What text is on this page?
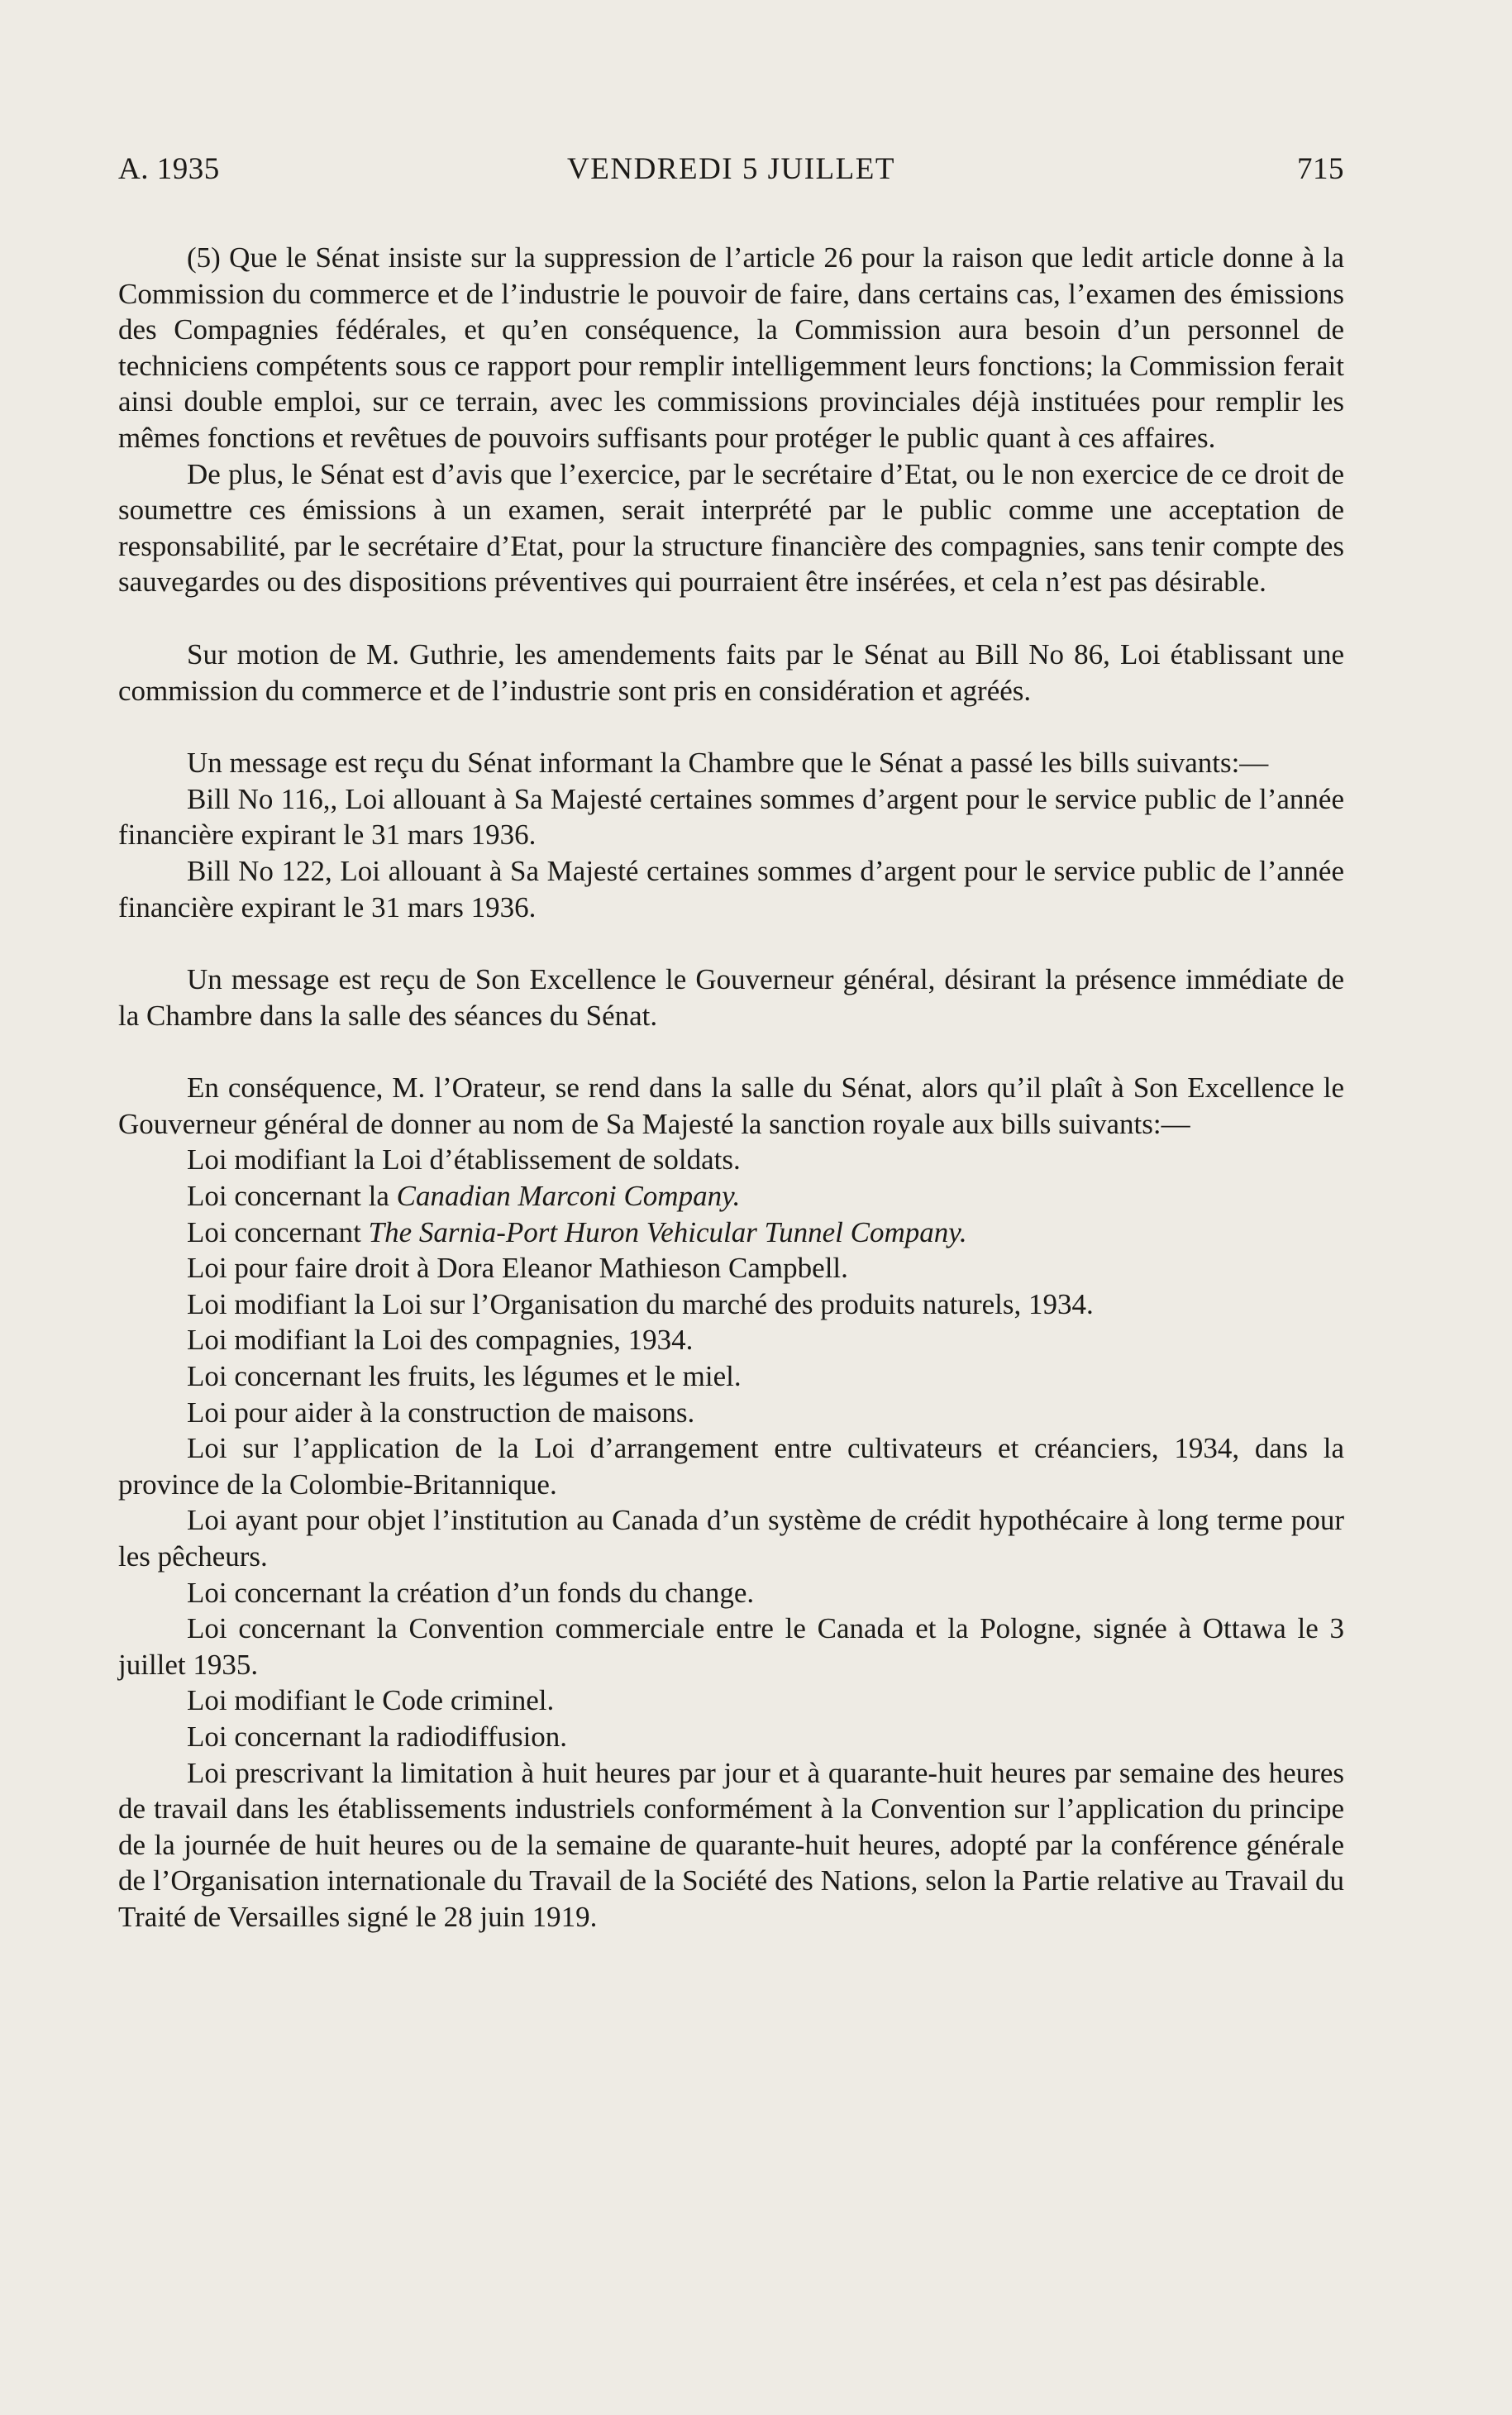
A. 1935	VENDREDI 5 JUILLET	715

(5) Que le Sénat insiste sur la suppression de l’article 26 pour la raison que ledit article donne à la Commission du commerce et de l’industrie le pouvoir de faire, dans certains cas, l’examen des émissions des Compagnies fédérales, et qu’en conséquence, la Commission aura besoin d’un personnel de techniciens compétents sous ce rapport pour remplir intelligemment leurs fonctions; la Commission ferait ainsi double emploi, sur ce terrain, avec les commissions provinciales déjà instituées pour remplir les mêmes fonctions et revêtues de pouvoirs suffisants pour protéger le public quant à ces affaires.

De plus, le Sénat est d’avis que l’exercice, par le secrétaire d’Etat, ou le non exercice de ce droit de soumettre ces émissions à un examen, serait interprété par le public comme une acceptation de responsabilité, par le secrétaire d’Etat, pour la structure financière des compagnies, sans tenir compte des sauvegardes ou des dispositions préventives qui pourraient être insérées, et cela n’est pas désirable.

Sur motion de M. Guthrie, les amendements faits par le Sénat au Bill No 86, Loi établissant une commission du commerce et de l’industrie sont pris en considération et agréés.

Un message est reçu du Sénat informant la Chambre que le Sénat a passé les bills suivants:—

Bill No 116,, Loi allouant à Sa Majesté certaines sommes d’argent pour le service public de l’année financière expirant le 31 mars 1936.

Bill No 122, Loi allouant à Sa Majesté certaines sommes d’argent pour le service public de l’année financière expirant le 31 mars 1936.

Un message est reçu de Son Excellence le Gouverneur général, désirant la présence immédiate de la Chambre dans la salle des séances du Sénat.

En conséquence, M. l’Orateur, se rend dans la salle du Sénat, alors qu’il plaît à Son Excellence le Gouverneur général de donner au nom de Sa Majesté la sanction royale aux bills suivants:—

Loi modifiant la Loi d’établissement de soldats.

Loi concernant la Canadian Marconi Company.

Loi concernant The Sarnia-Port Huron Vehicular Tunnel Company.

Loi pour faire droit à Dora Eleanor Mathieson Campbell.

Loi modifiant la Loi sur l’Organisation du marché des produits naturels, 1934.

Loi modifiant la Loi des compagnies, 1934.

Loi concernant les fruits, les légumes et le miel.

Loi pour aider à la construction de maisons.

Loi sur l’application de la Loi d’arrangement entre cultivateurs et créanciers, 1934, dans la province de la Colombie-Britannique.

Loi ayant pour objet l’institution au Canada d’un système de crédit hypothécaire à long terme pour les pêcheurs.

Loi concernant la création d’un fonds du change.

Loi concernant la Convention commerciale entre le Canada et la Pologne, signée à Ottawa le 3 juillet 1935.

Loi modifiant le Code criminel.

Loi concernant la radiodiffusion.

Loi prescrivant la limitation à huit heures par jour et à quarante-huit heures par semaine des heures de travail dans les établissements industriels conformément à la Convention sur l’application du principe de la journée de huit heures ou de la semaine de quarante-huit heures, adopté par la conférence générale de l’Organisation internationale du Travail de la Société des Nations, selon la Partie relative au Travail du Traité de Versailles signé le 28 juin 1919.
